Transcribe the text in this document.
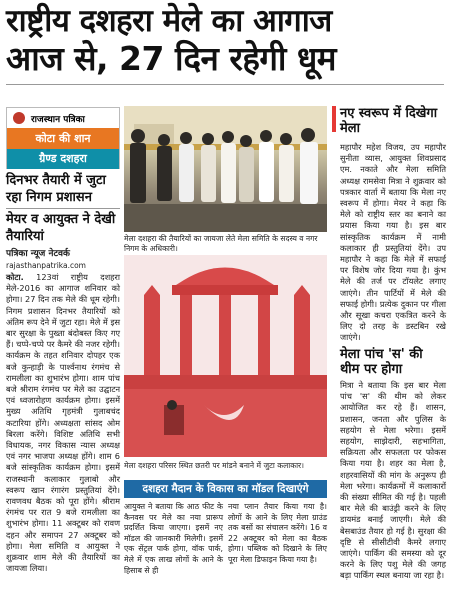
राष्ट्रीय दशहरा मेले का आगाज
आज से, 27 दिन रहेगी धूम
राजस्थान पत्रिका
कोटा की शान
ग्रैण्ड दशहरा
दिनभर तैयारी में जुटा रहा निगम प्रशासन
मेयर व आयुक्त ने देखी तैयारियां
पत्रिका न्यूज नेटवर्क
rajasthanpatrika.com
कोटा. 123वां राष्ट्रीय दशहरा मेले-2016 का आगाज शनिवार को होगा। 27 दिन तक मेले की धूम रहेगी। निगम प्रशासन दिनभर तैयारियों को अंतिम रूप देने में जुटा रहा। मेले में इस बार सुरक्षा के पुख्ता बंदोबस्त किए गए हैं। चप्पे-चप्पे पर कैमरे की नजर रहेगी। कार्यक्रम के तहत शनिवार दोपहर एक बजे कुन्हाड़ी के पार्श्वनाथ रंगमंच से रामलीला का शुभारंभ होगा। शाम पांच बजे श्रीराम रंगमंच पर मेले का उद्घाटन एवं ध्वजारोहण कार्यक्रम होगा। इसमें मुख्य अतिथि गृहमंत्री गुलाबचंद कटारिया होंगे। अध्यक्षता सांसद ओम बिरला करेंगे। विशिष्ट अतिथि सभी विधायक, नगर विकास न्यास अध्यक्ष एवं नगर भाजपा अध्यक्ष होंगे। शाम 6 बजे सांस्कृतिक कार्यक्रम होगा। इसमें राजस्थानी कलाकार गुलाबो और स्वरूप खान रंगारंग प्रस्तुतियां देंगे। रावणवध बैठक को पूरा होंगे। श्रीराम रंगमंच पर रात 9 बजे रामलीला का शुभारंभ होगा। 11 अक्टूबर को रावण दहन और समापन 27 अक्टूबर को होगा। मेला समिति व आयुक्त ने शुक्रवार शाम मेले की तैयारियों का जायजा लिया।
मेला दशहरा की तैयारियों का जायजा लेते मेला समिति के सदस्य व नगर निगम के अधिकारी।
मेला दशहरा परिसर स्थित छतरी पर मांडने बनाने में जुटा कलाकार।
दशहरा मैदान के विकास का मॉडल दिखाएंगे
आयुक्त ने बताया कि आठ फीट के कैनवस पर मेले का नया प्रारूप प्रदर्शित किया जाएगा। इसमें नए मॉडल की जानकारी मिलेगी। इसमें एक सेंट्रल पार्क होगा, वॉक पार्क, मेले में एक लाख लोगों के आने के हिसाब से ही
नया प्लान तैयार किया गया है। लोगों के आने के लिए मेला ग्राउंड तक बसों का संचालन करेंगे। 16 व 22 अक्टूबर को मेला का बैठक होगा। पब्लिक को दिखाने के लिए पूरा मेला डिफाइन किया गया है।
नए स्वरूप में दिखेगा मेला
महापौर महेश विजय, उप महापौर सुनीता व्यास, आयुक्त शिवप्रसाद एम. नकाते और मेला समिति अध्यक्ष रामसेवा मित्रा ने शुक्रवार को पत्रकार वार्ता में बताया कि मेला नए स्वरूप में होगा। मेयर ने कहा कि मेले को राष्ट्रीय स्तर का बनाने का प्रयास किया गया है। इस बार सांस्कृतिक कार्यक्रम में नामी कलाकार ही प्रस्तुतियां देंगे। उप महापौर ने कहा कि मेले में सफाई पर विशेष जोर दिया गया है। कुंभ मेले की तर्ज पर टॉयलेट लगाए जाएंगे। तीन पार्टियों में मेले की सफाई होगी। प्रत्येक दुकान पर गीला और सूखा कचरा एकत्रित करने के लिए दो तरह के डस्टबिन रखे जाएंगे।
मेला पांच 'स' की थीम पर होगा
मित्रा ने बताया कि इस बार मेला पांच 'स' की थीम को लेकर आयोजित कर रहे हैं। शासन, प्रशासन, जनता और पुलिस के सहयोग से मेला भरेगा। इसमें सहयोग, साझेदारी, सहभागिता, सक्रियता और सफलता पर फोकस किया गया है। शहर का मेला है, शहरवासियों की मांग के अनुरूप ही मेला भरेगा। कार्यक्रमों में कलाकारों की संख्या सीमित की गई है। पहली बार मेले की बाउंड्री करने के लिए डायमंड बनाई जाएगी। मेले की बेसबाउंड तैयार हो गई है। सुरक्षा की दृष्टि से सीसीटीवी कैमरे लगाए जाएंगे। पार्किंग की समस्या को दूर करने के लिए पशु मेले की जगह बड़ा पार्किंग स्थल बनाया जा रहा है।
